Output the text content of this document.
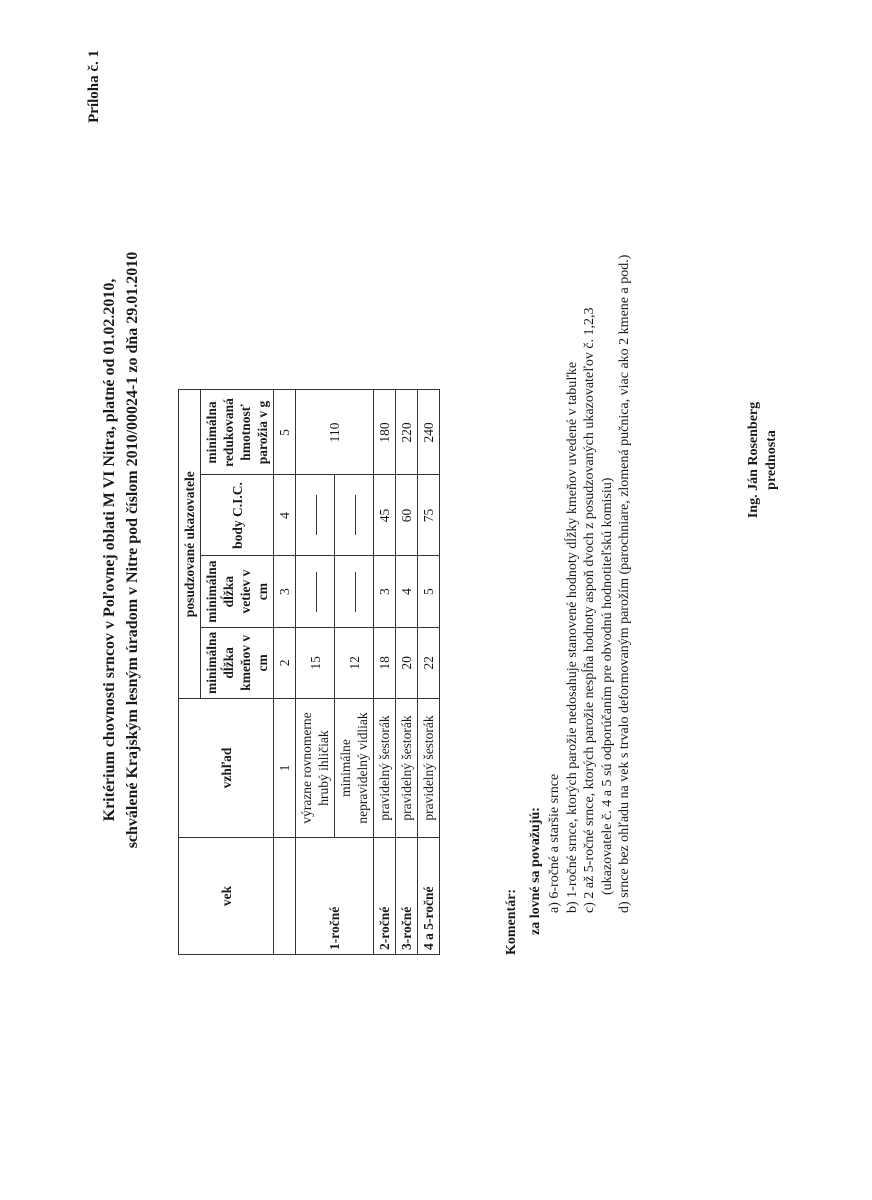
Príloha č. 1
Kritérium chovnosti srncov v Poľovnej oblati M VI Nitra, platné od 01.02.2010, schválené Krajským lesným úradom v Nitre pod číslom 2010/00024-1 zo dňa 29.01.2010
vek	vzhľad	posudzované ukazovatele			
		minimálna dĺžka kmeňov v cm	minimálna dĺžka vetiev v cm	body C.I.C.	minimálna redukovaná hmotnosť parožia v g
	1	2	3	4	5
1-ročné	výrazne rovnomerne hrubý ihličiak	15			110
	minimálne nepravidelný vidliak	12			
2-ročné	pravidelný šestorák	18	3	45	180
3-ročné	pravidelný šestorák	20	4	60	220
4 a 5-ročné	pravidelný šestorák	22	5	75	240
Komentár: za lovné sa považujú: a) 6-ročné a staršie srnce b) 1-ročné srnce, ktorých parožie nedosahuje stanovené hodnoty dĺžky kmeňov uvedené v tabuľke c) 2 až 5-ročné srnce, ktorých parožie nespĺňa hodnoty aspoň dvoch z posudzovaných ukazovateľov č. 1,2,3 (ukazovatele č. 4 a 5 sú odporúčaním pre obvodnú hodnotiteľskú komisiu) d) srnce bez ohľadu na vek s trvalo deformovaným parožím (parochniare, zlomená pučnica, viac ako 2 kmene a pod.)	Ing. Ján Rosenberg prednosta
